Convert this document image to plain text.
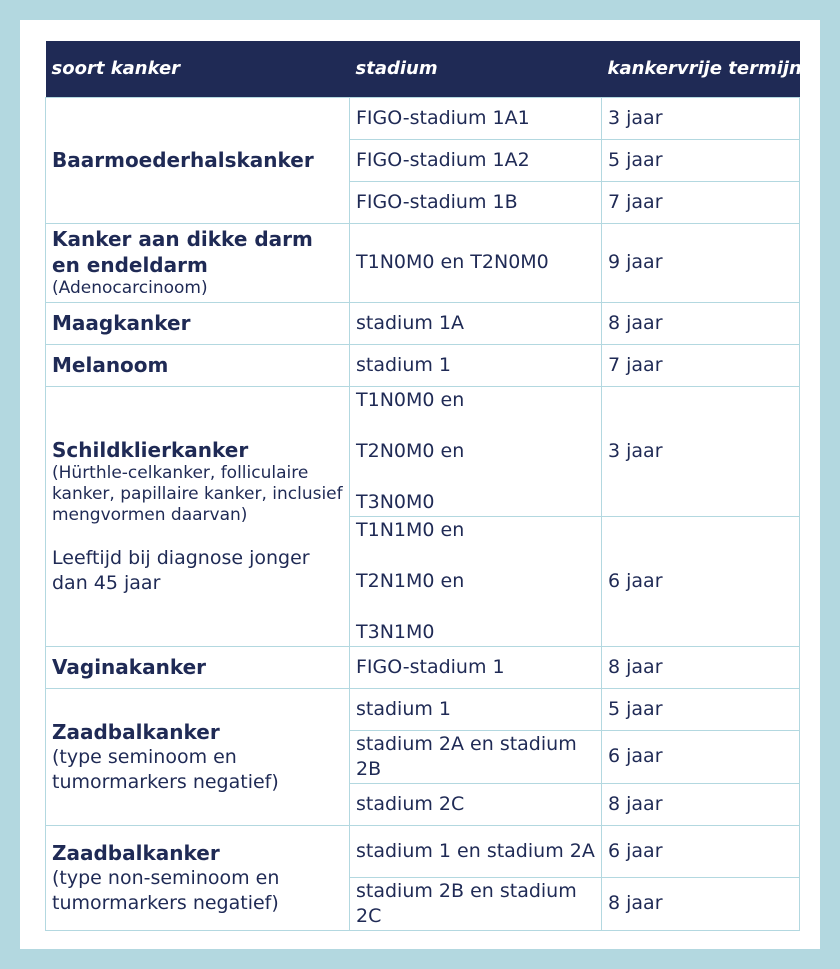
soort kanker	stadium	kankervrije termijn

Baarmoederhalskanker	FIGO-stadium 1A1	3 jaar
	FIGO-stadium 1A2	5 jaar
	FIGO-stadium 1B	7 jaar

Kanker aan dikke darm en endeldarm
(Adenocarcinoom)	T1N0M0 en T2N0M0	9 jaar

Maagkanker	stadium 1A	8 jaar

Melanoom	stadium 1	7 jaar

Schildklierkanker
(Hürthle-celkanker, folliculaire kanker, papillaire kanker, inclusief mengvormen daarvan)
Leeftijd bij diagnose jonger dan 45 jaar	T1N0M0 en
T2N0M0 en
T3N0M0	3 jaar

	T1N1M0 en
T2N1M0 en
T3N1M0	6 jaar

Vaginakanker	FIGO-stadium 1	8 jaar

Zaadbalkanker
(type seminoom en tumormarkers negatief)	stadium 1	5 jaar
	stadium 2A en stadium 2B	6 jaar
	stadium 2C	8 jaar

Zaadbalkanker
(type non-seminoom en tumormarkers negatief)	stadium 1 en stadium 2A	6 jaar
	stadium 2B en stadium 2C	8 jaar
